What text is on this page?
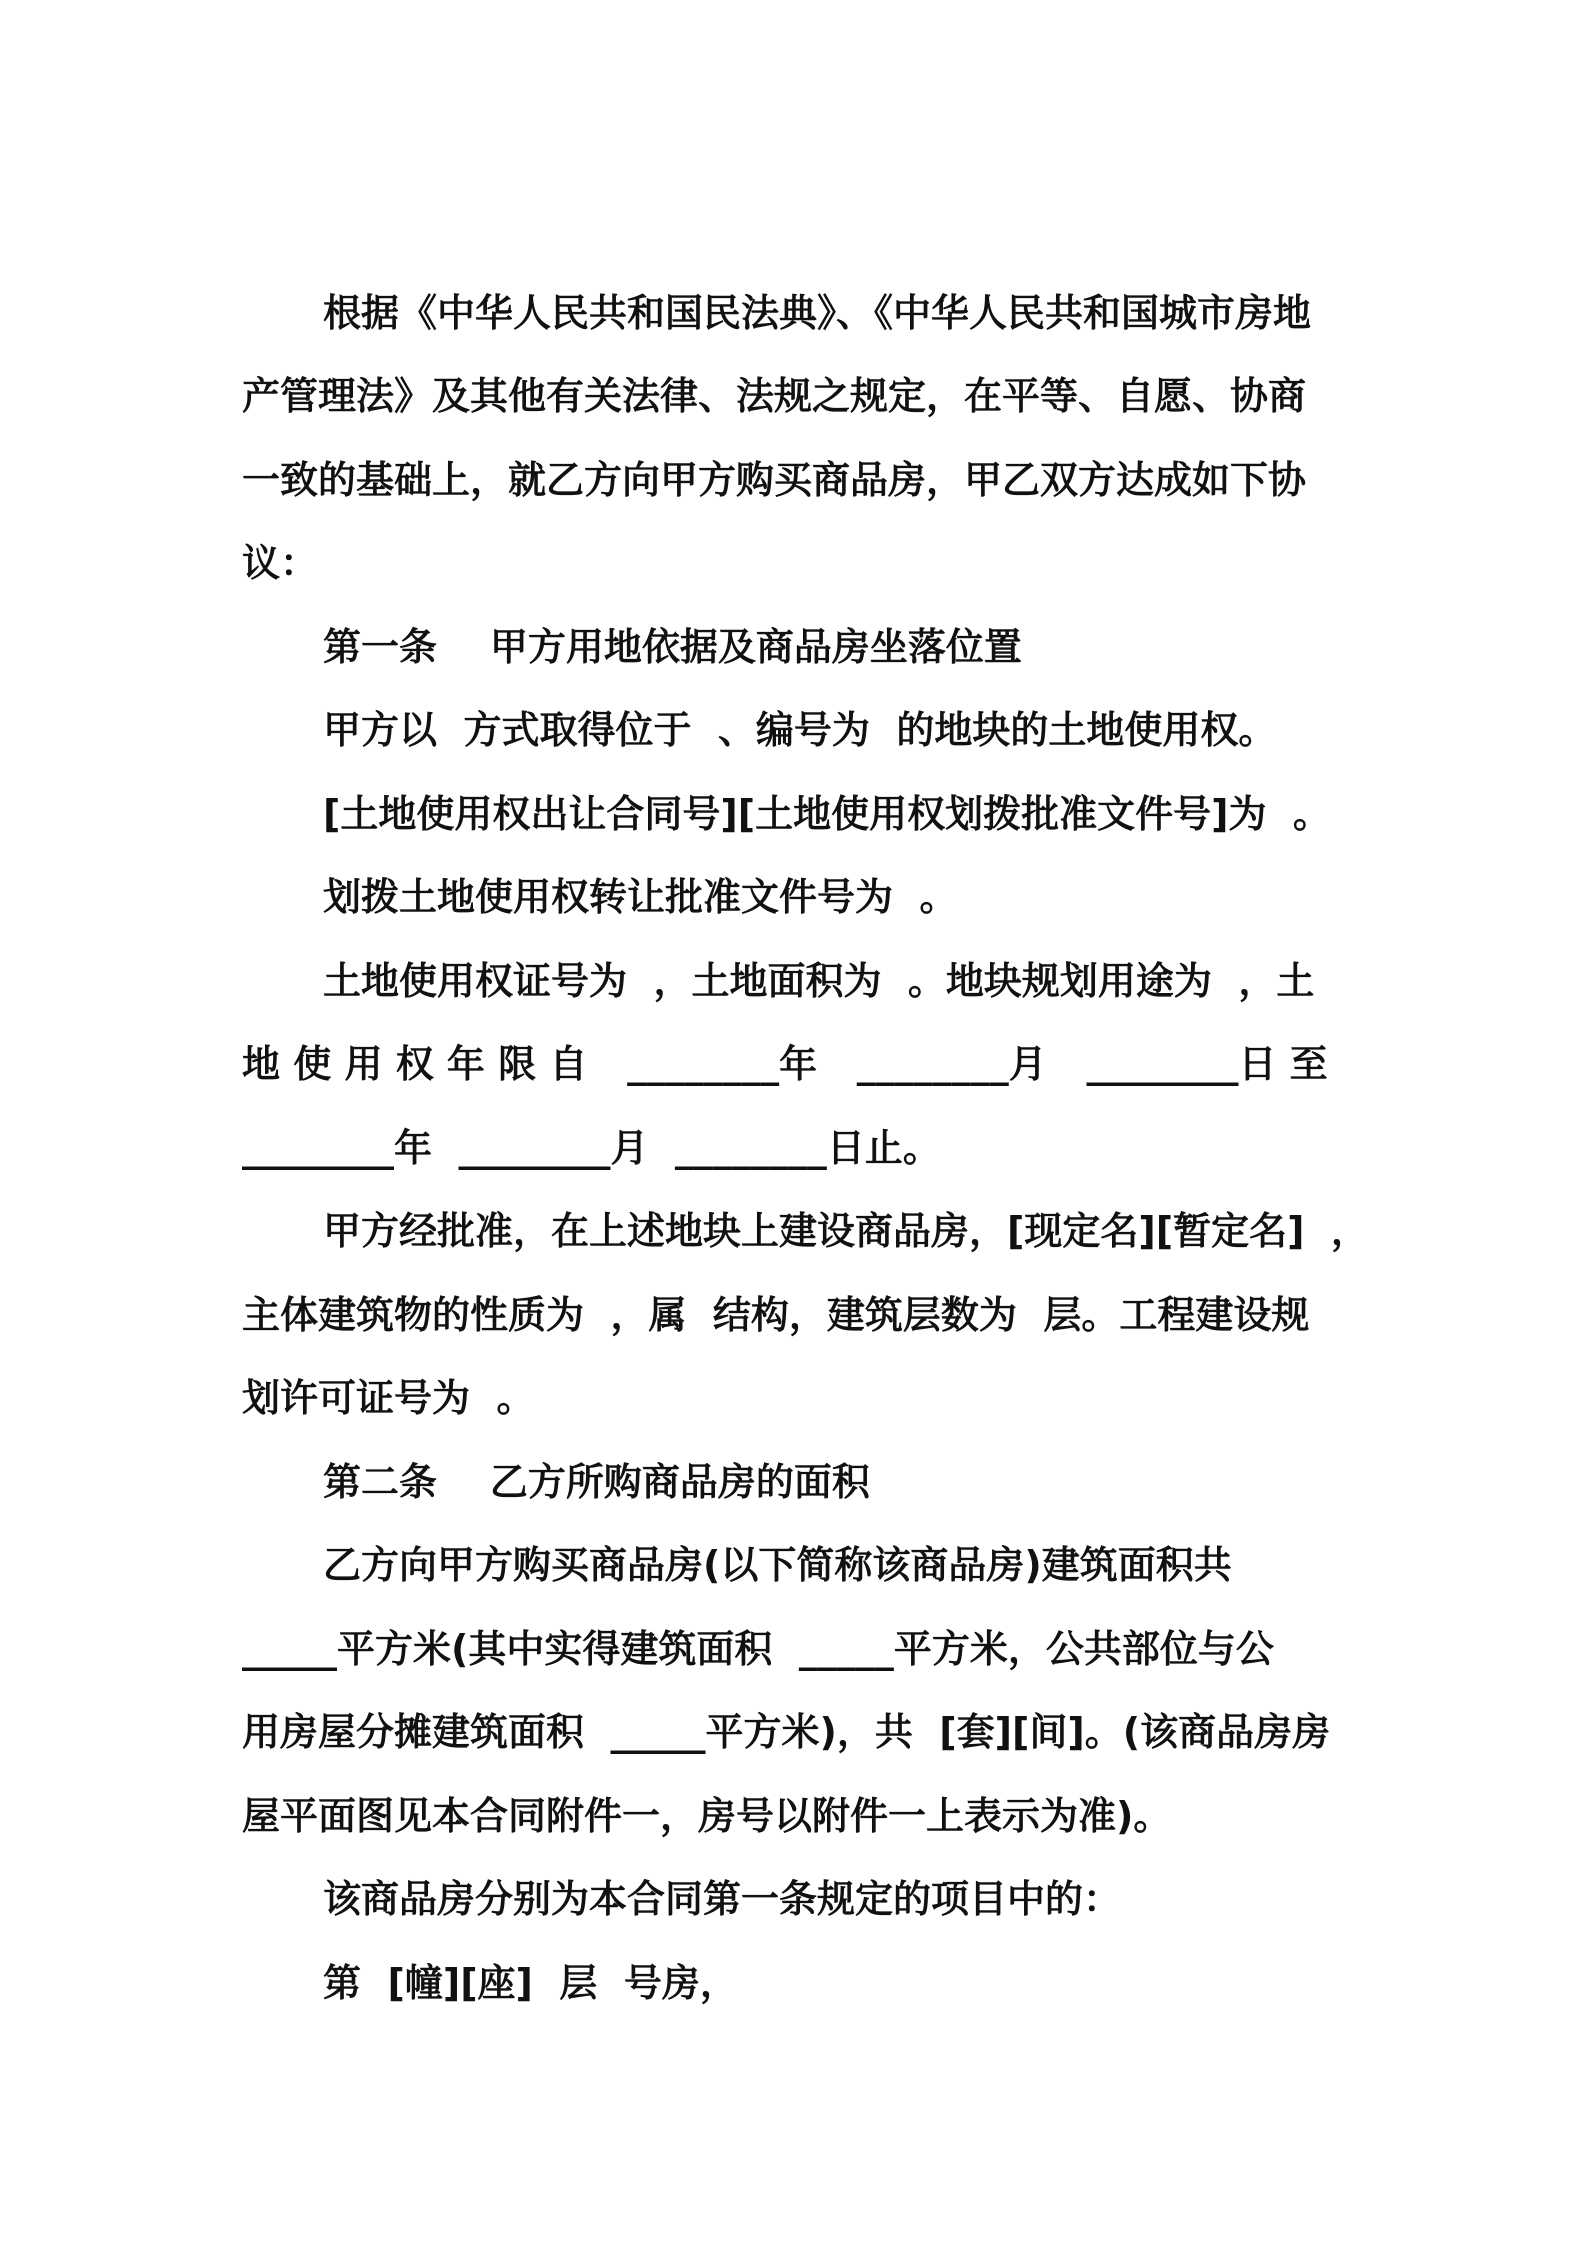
根据《中华人民共和国民法典》、《中华人民共和国城市房地
产管理法》及其他有关法律、法规之规定，在平等、自愿、协商
一致的基础上，就乙方向甲方购买商品房，甲乙双方达成如下协
议：
第一条    甲方用地依据及商品房坐落位置
甲方以  方式取得位于  、编号为  的地块的土地使用权。
[土地使用权出让合同号][土地使用权划拨批准文件号]为  。
划拨土地使用权转让批准文件号为  。
土地使用权证号为  ，土地面积为  。地块规划用途为  ，土
地 使 用 权 年 限 自   ________年   ________月   ________日 至
________年  ________月  ________日止。
甲方经批准，在上述地块上建设商品房，[现定名][暂定名]  ，
主体建筑物的性质为  ，属  结构，建筑层数为  层。工程建设规
划许可证号为  。
第二条    乙方所购商品房的面积
乙方向甲方购买商品房(以下简称该商品房)建筑面积共
_____平方米(其中实得建筑面积  _____平方米，公共部位与公
用房屋分摊建筑面积  _____平方米)，共  [套][间]。(该商品房房
屋平面图见本合同附件一，房号以附件一上表示为准)。
该商品房分别为本合同第一条规定的项目中的：
第  [幢][座]  层  号房，
